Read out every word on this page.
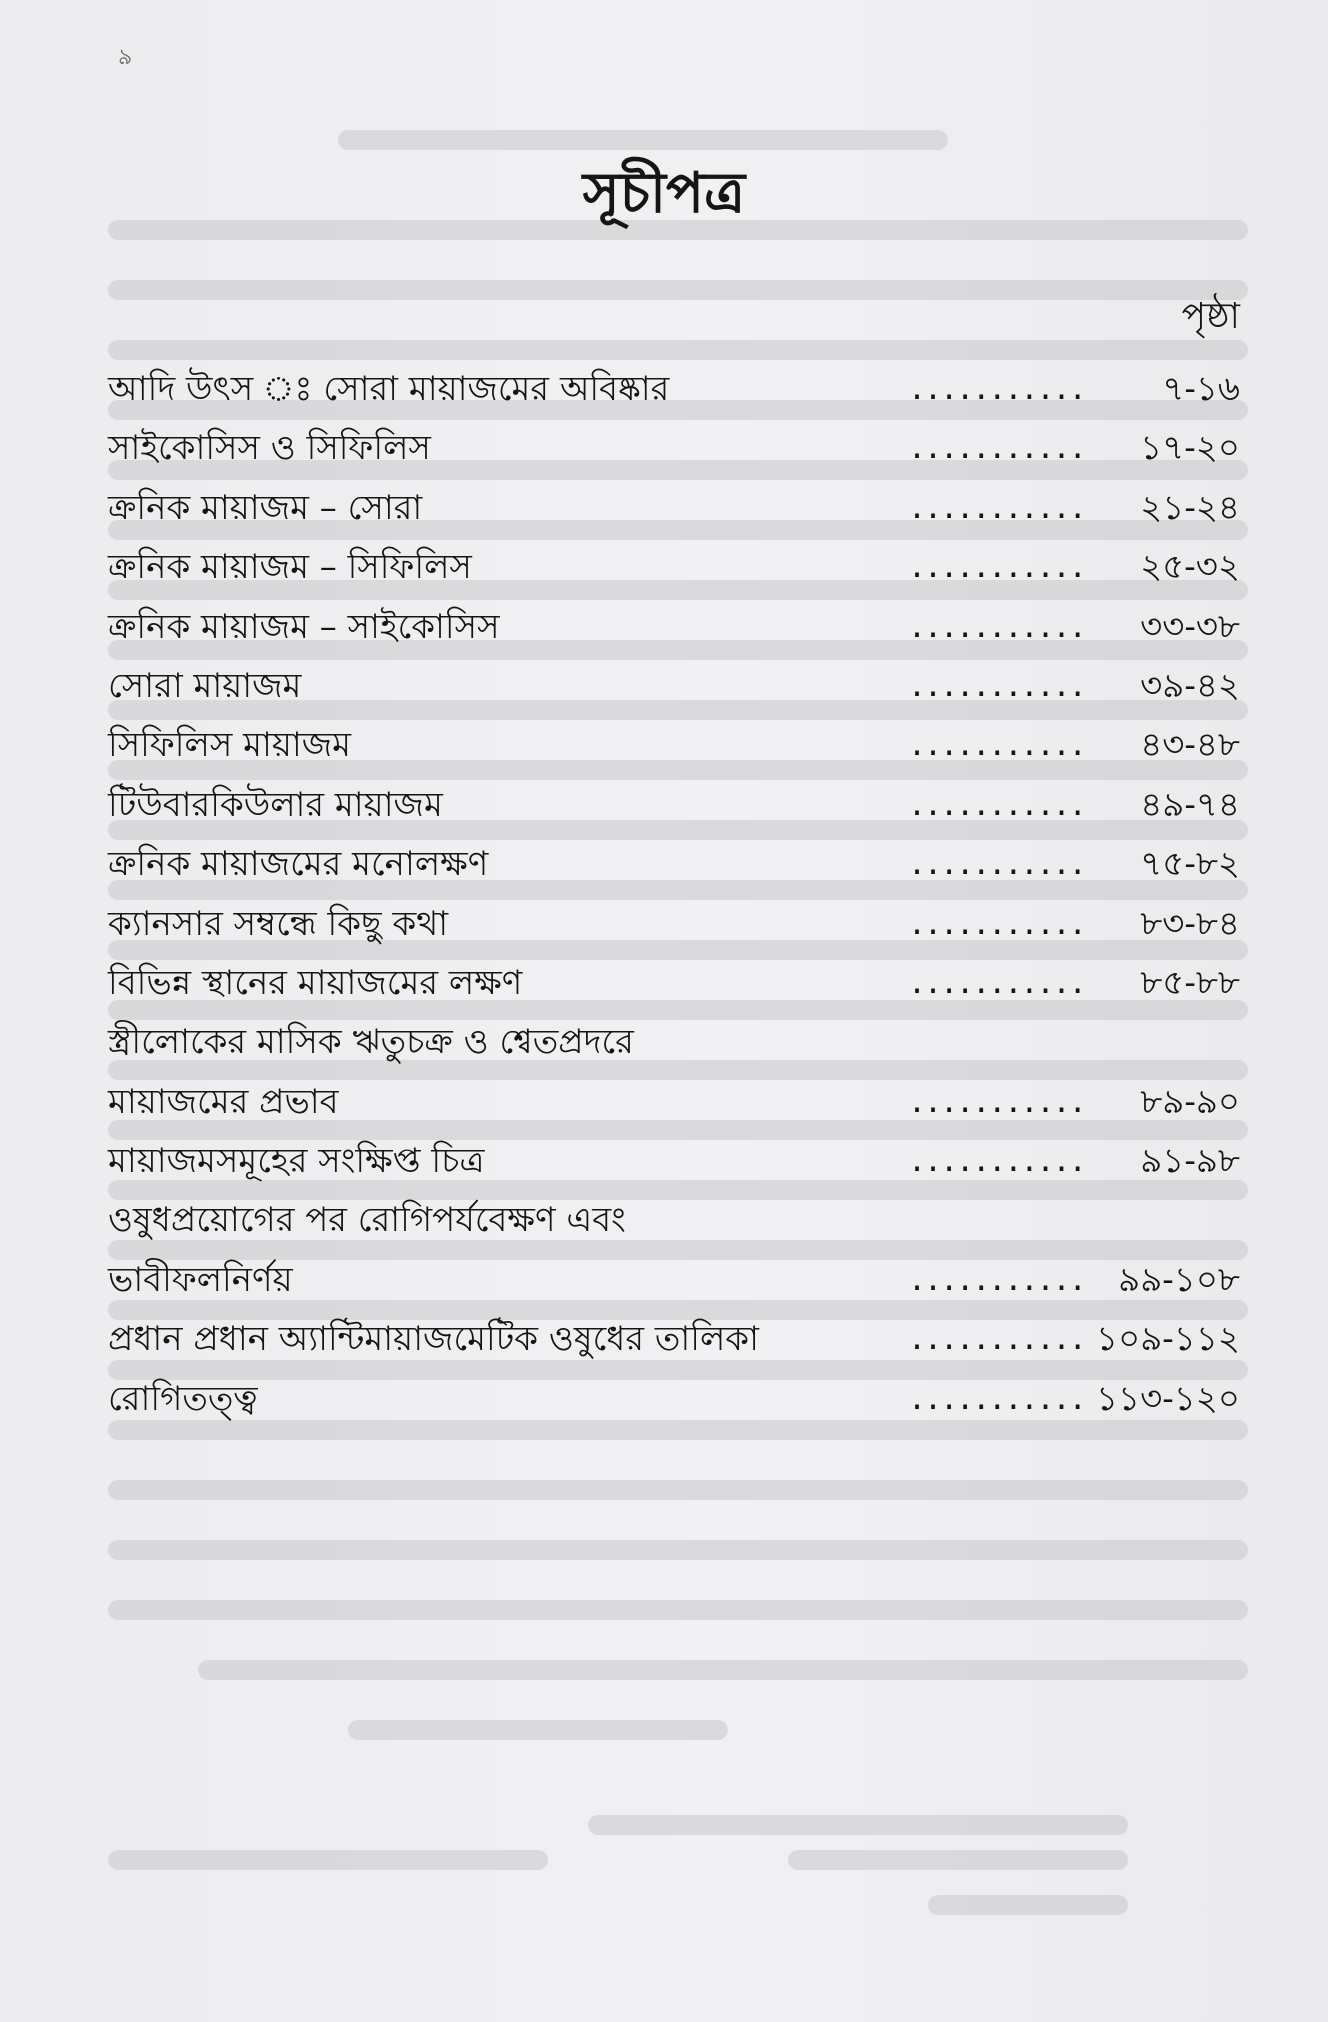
৯
সূচীপত্র
পৃষ্ঠা
আদি উৎস ঃ সোরা মায়াজমের অবিষ্কার	........... ৭-১৬
সাইকোসিস ও সিফিলিস	........... ১৭-২০
ক্রনিক মায়াজম – সোরা	........... ২১-২৪
ক্রনিক মায়াজম – সিফিলিস	........... ২৫-৩২
ক্রনিক মায়াজম – সাইকোসিস	........... ৩৩-৩৮
সোরা মায়াজম	........... ৩৯-৪২
সিফিলিস মায়াজম	........... ৪৩-৪৮
টিউবারকিউলার মায়াজম	........... ৪৯-৭৪
ক্রনিক মায়াজমের মনোলক্ষণ	........... ৭৫-৮২
ক্যানসার সম্বন্ধে কিছু কথা	........... ৮৩-৮৪
বিভিন্ন স্থানের মায়াজমের লক্ষণ	........... ৮৫-৮৮
স্ত্রীলোকের মাসিক ঋতুচক্র ও শ্বেতপ্রদরে
মায়াজমের প্রভাব	........... ৮৯-৯০
মায়াজমসমূহের সংক্ষিপ্ত চিত্র	........... ৯১-৯৮
ওষুধপ্রয়োগের পর রোগিপর্যবেক্ষণ এবং
ভাবীফলনির্ণয়	........... ৯৯-১০৮
প্রধান প্রধান অ্যান্টিমায়াজমেটিক ওষুধের তালিকা	........... ১০৯-১১২
রোগিতত্ত্ব	........... ১১৩-১২০
